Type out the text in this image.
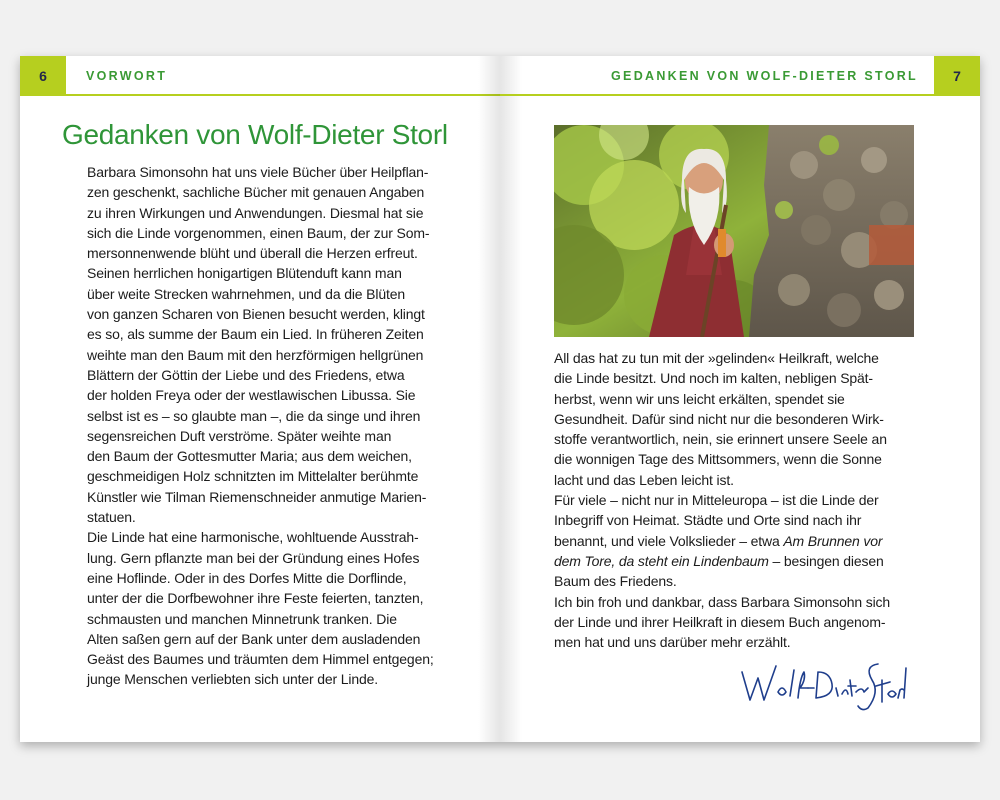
6	VORWORT
Gedanken von Wolf-Dieter Storl
Barbara Simonsohn hat uns viele Bücher über Heilpflan-
zen geschenkt, sachliche Bücher mit genauen Angaben
zu ihren Wirkungen und Anwendungen. Diesmal hat sie
sich die Linde vorgenommen, einen Baum, der zur Som-
mersonnenwende blüht und überall die Herzen erfreut.
Seinen herrlichen honigartigen Blütenduft kann man
über weite Strecken wahrnehmen, und da die Blüten
von ganzen Scharen von Bienen besucht werden, klingt
es so, als summe der Baum ein Lied. In früheren Zeiten
weihte man den Baum mit den herzförmigen hellgrünen
Blättern der Göttin der Liebe und des Friedens, etwa
der holden Freya oder der westlawischen Libussa. Sie
selbst ist es – so glaubte man –, die da singe und ihren
segensreichen Duft verströme. Später weihte man
den Baum der Gottesmutter Maria; aus dem weichen,
geschmeidigen Holz schnitzten im Mittelalter berühmte
Künstler wie Tilman Riemenschneider anmutige Marien-
statuen.
Die Linde hat eine harmonische, wohltuende Ausstrah-
lung. Gern pflanzte man bei der Gründung eines Hofes
eine Hoflinde. Oder in des Dorfes Mitte die Dorflinde,
unter der die Dorfbewohner ihre Feste feierten, tanzten,
schmausten und manchen Minnetrunk tranken. Die
Alten saßen gern auf der Bank unter dem ausladenden
Geäst des Baumes und träumten dem Himmel entgegen;
junge Menschen verliebten sich unter der Linde.
7
GEDANKEN VON WOLF-DIETER STORL
All das hat zu tun mit der »gelinden« Heilkraft, welche
die Linde besitzt. Und noch im kalten, nebligen Spät-
herbst, wenn wir uns leicht erkälten, spendet sie
Gesundheit. Dafür sind nicht nur die besonderen Wirk-
stoffe verantwortlich, nein, sie erinnert unsere Seele an
die wonnigen Tage des Mittsommers, wenn die Sonne
lacht und das Leben leicht ist.
Für viele – nicht nur in Mitteleuropa – ist die Linde der
Inbegriff von Heimat. Städte und Orte sind nach ihr
benannt, und viele Volkslieder – etwa Am Brunnen vor
dem Tore, da steht ein Lindenbaum – besingen diesen
Baum des Friedens.
Ich bin froh und dankbar, dass Barbara Simonsohn sich
der Linde und ihrer Heilkraft in diesem Buch angenom-
men hat und uns darüber mehr erzählt.
